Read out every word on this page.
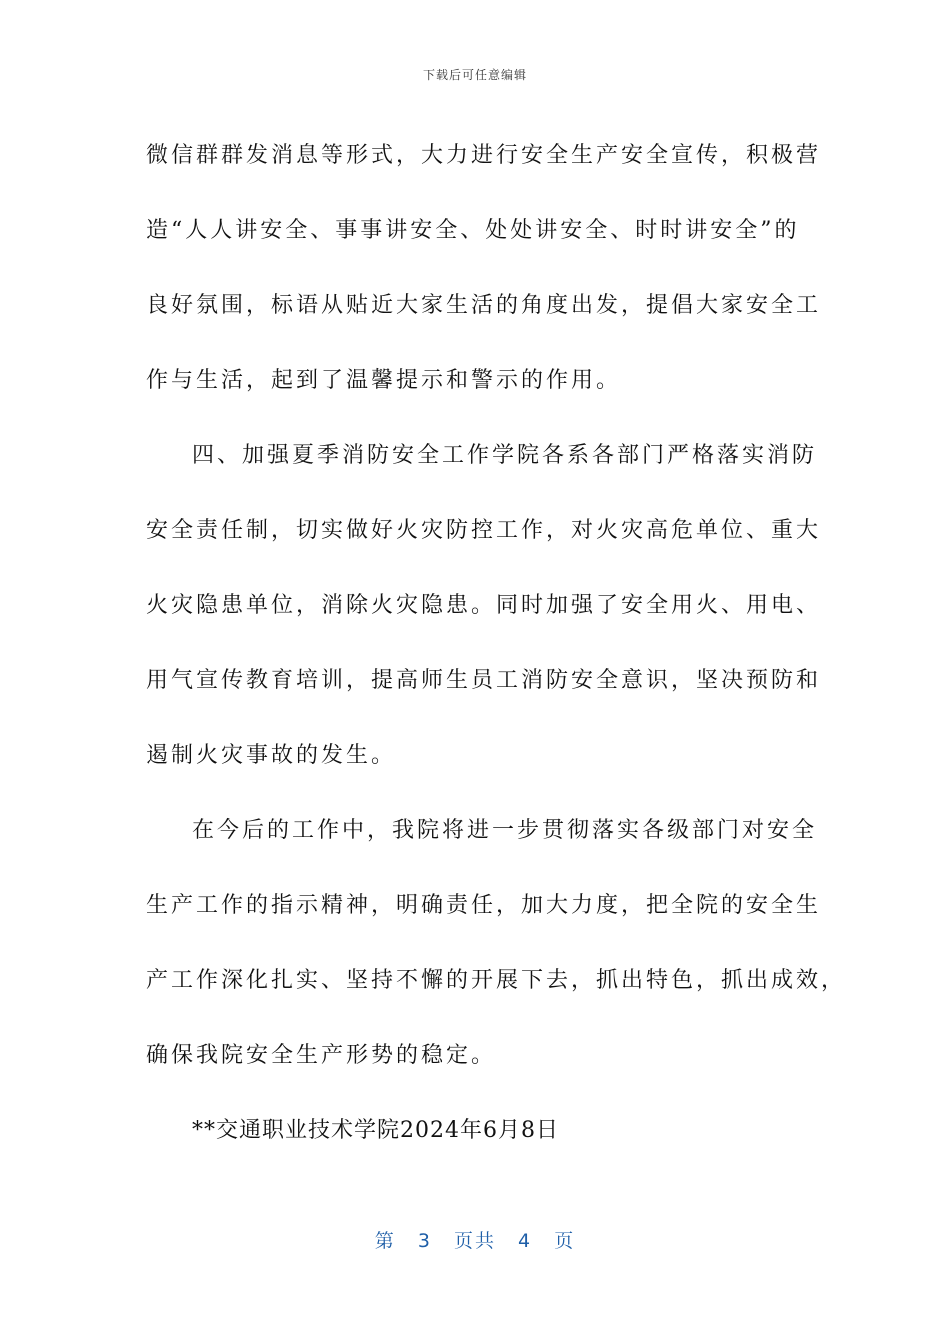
下载后可任意编辑

微信群群发消息等形式，大力进行安全生产安全宣传，积极营
造“人人讲安全、事事讲安全、处处讲安全、时时讲安全”的
良好氛围，标语从贴近大家生活的角度出发，提倡大家安全工
作与生活，起到了温馨提示和警示的作用。

四、加强夏季消防安全工作学院各系各部门严格落实消防
安全责任制，切实做好火灾防控工作，对火灾高危单位、重大
火灾隐患单位，消除火灾隐患。同时加强了安全用火、用电、
用气宣传教育培训，提高师生员工消防安全意识，坚决预防和
遏制火灾事故的发生。

在今后的工作中，我院将进一步贯彻落实各级部门对安全
生产工作的指示精神，明确责任，加大力度，把全院的安全生
产工作深化扎实、坚持不懈的开展下去，抓出特色，抓出成效，
确保我院安全生产形势的稳定。

**交通职业技术学院2024年6月8日

第 3 页共 4 页
